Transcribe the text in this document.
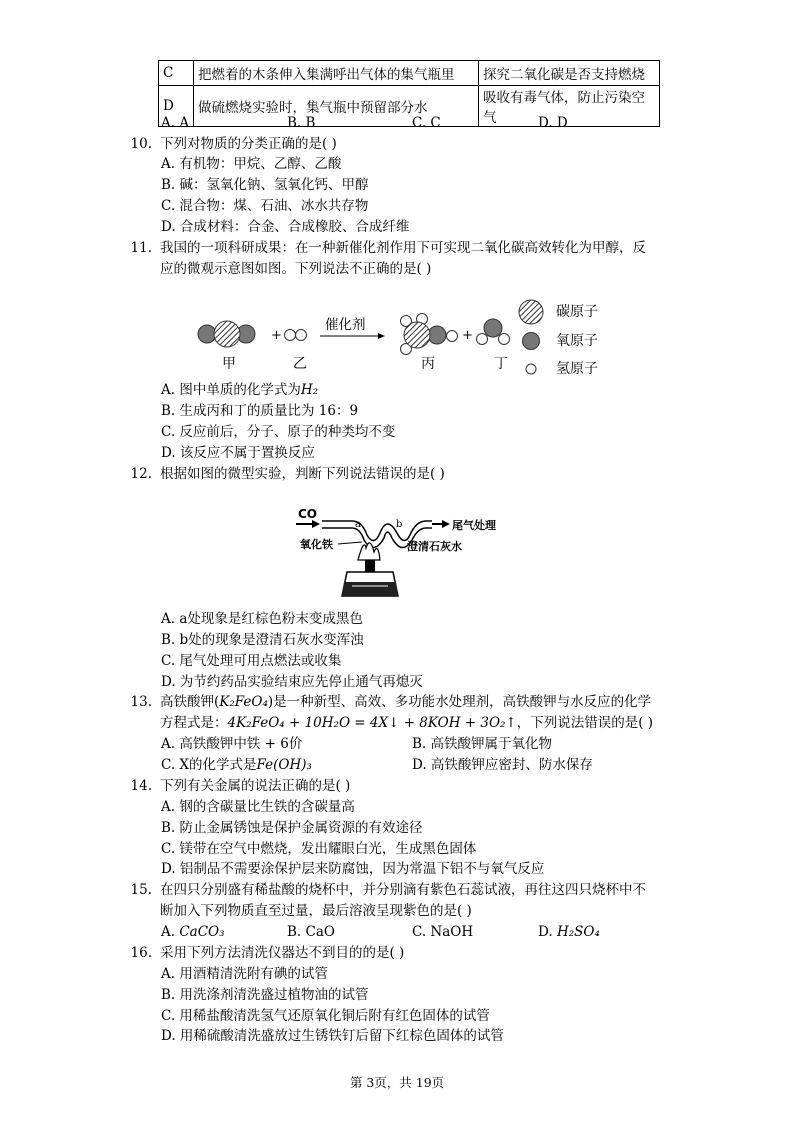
C	把燃着的木条伸入集满呼出气体的集气瓶里	探究二氧化碳是否支持燃烧
D	做硫燃烧实验时，集气瓶中预留部分水	吸收有毒气体，防止污染空气
A. A	B. B	C. C	D. D
10. 下列对物质的分类正确的是( )
A. 有机物：甲烷、乙醇、乙酸
B. 碱：氢氧化钠、氢氧化钙、甲醇
C. 混合物：煤、石油、冰水共存物
D. 合成材料：合金、合成橡胶、合成纤维
11. 我国的一项科研成果：在一种新催化剂作用下可实现二氧化碳高效转化为甲醇，反
应的微观示意图如图。下列说法不正确的是( )
+
催化剂
+
碳原子
氧原子
氢原子
甲	乙	丙	丁
A. 图中单质的化学式为H₂
B. 生成丙和丁的质量比为 16：9
C. 反应前后，分子、原子的种类均不变
D. 该反应不属于置换反应
12. 根据如图的微型实验，判断下列说法错误的是( )
CO
a	b	尾气处理
氧化铁	澄清石灰水
A. a处现象是红棕色粉末变成黑色
B. b处的现象是澄清石灰水变浑浊
C. 尾气处理可用点燃法或收集
D. 为节约药品实验结束应先停止通气再熄灭
13. 高铁酸钾(K₂FeO₄)是一种新型、高效、多功能水处理剂，高铁酸钾与水反应的化学
方程式是：4K₂FeO₄ + 10H₂O = 4X↓ + 8KOH + 3O₂↑，下列说法错误的是( )
A. 高铁酸钾中铁 + 6价	B. 高铁酸钾属于氧化物
C. X的化学式是Fe(OH)₃	D. 高铁酸钾应密封、防水保存
14. 下列有关金属的说法正确的是( )
A. 钢的含碳量比生铁的含碳量高
B. 防止金属锈蚀是保护金属资源的有效途径
C. 镁带在空气中燃烧，发出耀眼白光，生成黑色固体
D. 铝制品不需要涂保护层来防腐蚀，因为常温下铝不与氧气反应
15. 在四只分别盛有稀盐酸的烧杯中，并分别滴有紫色石蕊试液，再往这四只烧杯中不
断加入下列物质直至过量，最后溶液呈现紫色的是( )
A. CaCO₃	B. CaO	C. NaOH	D. H₂SO₄
16. 采用下列方法清洗仪器达不到目的的是( )
A. 用酒精清洗附有碘的试管
B. 用洗涤剂清洗盛过植物油的试管
C. 用稀盐酸清洗氢气还原氧化铜后附有红色固体的试管
D. 用稀硫酸清洗盛放过生锈铁钉后留下红棕色固体的试管
第 3页，共 19页
